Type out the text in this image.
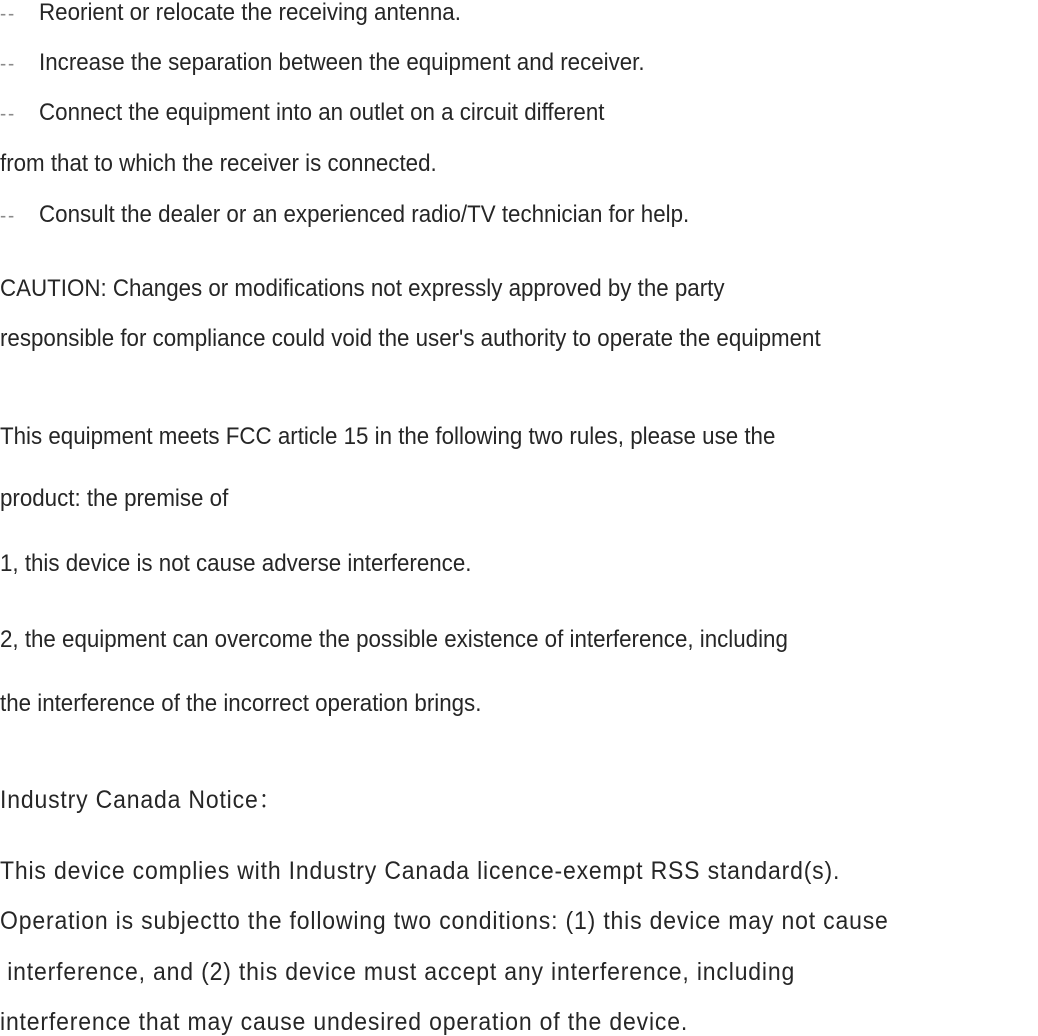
-- Reorient or relocate the receiving antenna.
-- Increase the separation between the equipment and receiver.
-- Connect the equipment into an outlet on a circuit different
from that to which the receiver is connected.
-- Consult the dealer or an experienced radio/TV technician for help.
CAUTION: Changes or modifications not expressly approved by the party
responsible for compliance could void the user's authority to operate the equipment
This equipment meets FCC article 15 in the following two rules, please use the
product: the premise of
1, this device is not cause adverse interference.
2, the equipment can overcome the possible existence of interference, including
the interference of the incorrect operation brings.
Industry Canada Notice：
This device complies with Industry Canada licence-exempt RSS standard(s).
Operation is subjectto the following two conditions: (1) this device may not cause
interference, and (2) this device must accept any interference, including
interference that may cause undesired operation of the device.
